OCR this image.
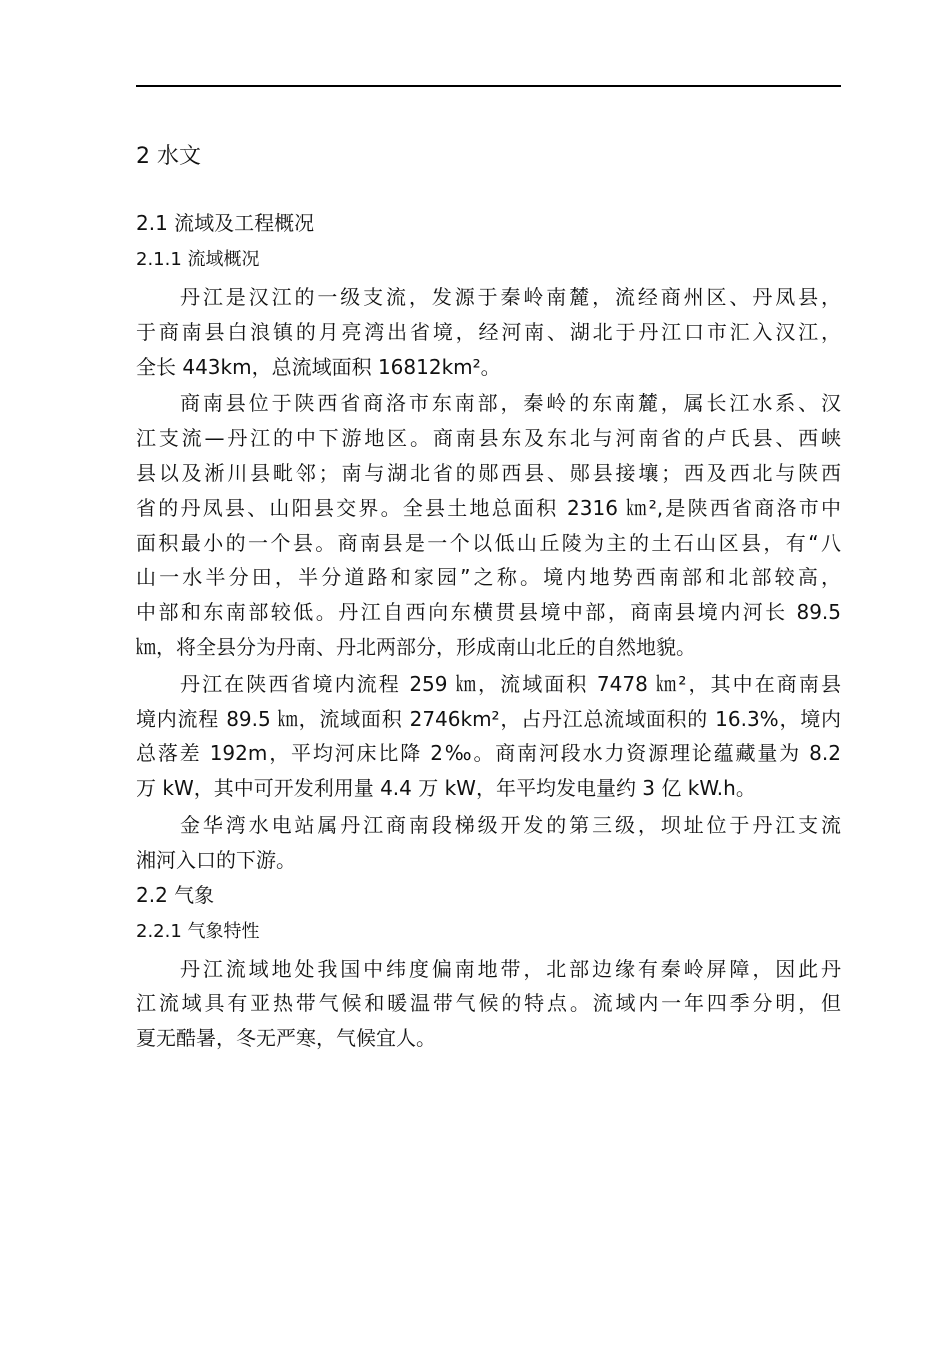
2 水文
2.1 流域及工程概况
2.1.1 流域概况
丹江是汉江的一级支流，发源于秦岭南麓，流经商州区、丹凤县，
于商南县白浪镇的月亮湾出省境，经河南、湖北于丹江口市汇入汉江，
全长 443km，总流域面积 16812km²。
商南县位于陕西省商洛市东南部，秦岭的东南麓，属长江水系、汉
江支流—丹江的中下游地区。商南县东及东北与河南省的卢氏县、西峡
县以及淅川县毗邻；南与湖北省的郧西县、郧县接壤；西及西北与陕西
省的丹凤县、山阳县交界。全县土地总面积 2316 ㎞²,是陕西省商洛市中
面积最小的一个县。商南县是一个以低山丘陵为主的土石山区县，有“八
山一水半分田，半分道路和家园”之称。境内地势西南部和北部较高，
中部和东南部较低。丹江自西向东横贯县境中部，商南县境内河长 89.5
㎞，将全县分为丹南、丹北两部分，形成南山北丘的自然地貌。
丹江在陕西省境内流程 259 ㎞，流域面积 7478 ㎞²，其中在商南县
境内流程 89.5 ㎞，流域面积 2746km²，占丹江总流域面积的 16.3%，境内
总落差 192m，平均河床比降 2‰。商南河段水力资源理论蕴藏量为 8.2
万 kW，其中可开发利用量 4.4 万 kW，年平均发电量约 3 亿 kW.h。
金华湾水电站属丹江商南段梯级开发的第三级，坝址位于丹江支流
湘河入口的下游。
2.2 气象
2.2.1 气象特性
丹江流域地处我国中纬度偏南地带，北部边缘有秦岭屏障，因此丹
江流域具有亚热带气候和暖温带气候的特点。流域内一年四季分明，但
夏无酷暑，冬无严寒，气候宜人。
